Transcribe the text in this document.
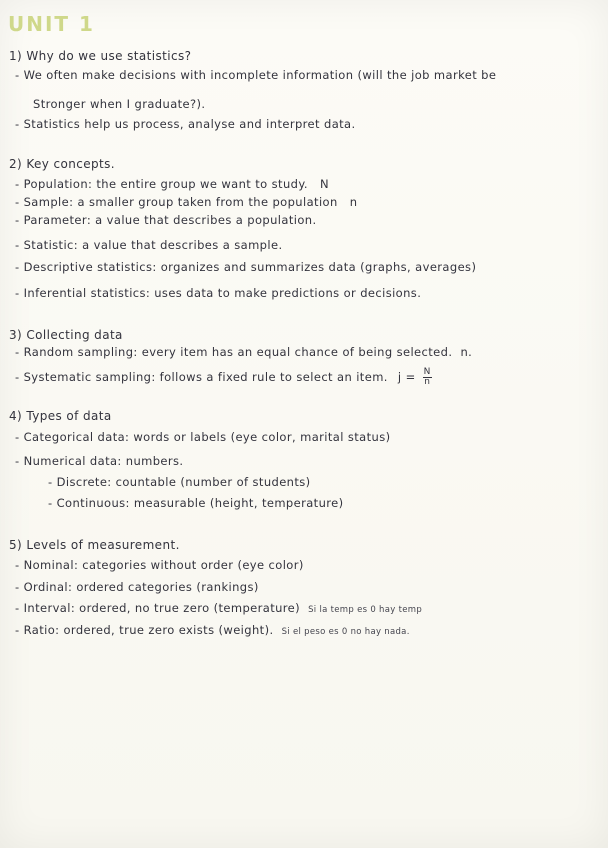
UNIT 1
1) Why do we use statistics?
- We often make decisions with incomplete information (will the job market be
Stronger when I graduate?).
- Statistics help us process, analyse and interpret data.
2) Key concepts.
- Population: the entire group we want to study. N
- Sample: a smaller group taken from the population n
- Parameter: a value that describes a population.
- Statistic: a value that describes a sample.
- Descriptive statistics: organizes and summarizes data (graphs, averages)
- Inferential statistics: uses data to make predictions or decisions.
3) Collecting data
- Random sampling: every item has an equal chance of being selected. n.
- Systematic sampling: follows a fixed rule to select an item. $j = \frac{N}{n}$
4) Types of data
- Categorical data: words or labels (eye color, marital status)
- Numerical data: numbers.
- Discrete: countable (number of students)
- Continuous: measurable (height, temperature)
5) Levels of measurement.
- Nominal: categories without order (eye color)
- Ordinal: ordered categories (rankings)
- Interval: ordered, no true zero (temperature) Si la temp es 0 hay temp
- Ratio: ordered, true zero exists (weight). Si el peso es 0 no hay nada.
